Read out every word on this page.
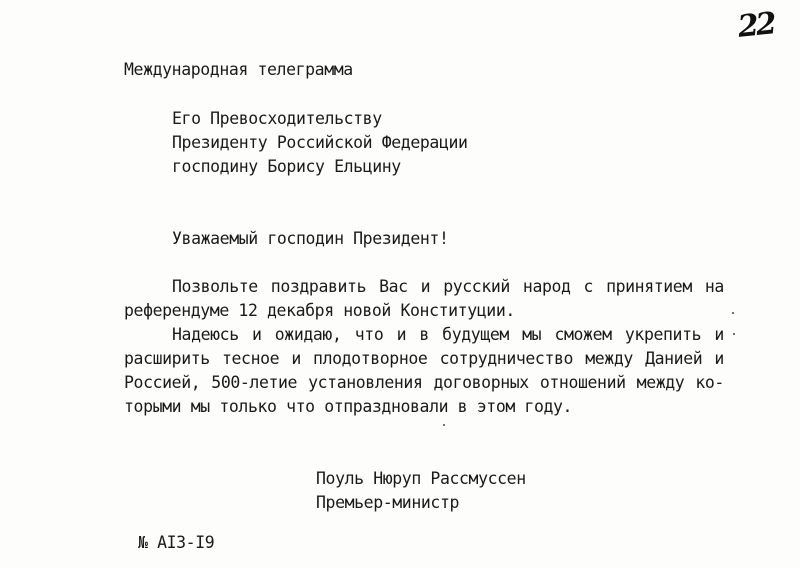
22
Международная телеграмма
Его Превосходительству
Президенту Российской Федерации
господину Борису Ельцину
Уважаемый господин Президент!
Позвольте поздравить Вас и русский народ с принятием на
референдуме 12 декабря новой Конституции.
Надеюсь и ожидаю, что и в будущем мы сможем укрепить и
расширить тесное и плодотворное сотрудничество между Данией и
Россией, 500-летие установления договорных отношений между ко-
торыми мы только что отпраздновали в этом году.
Поуль Нюруп Рассмуссен
Премьер-министр
№ АI3-I9
